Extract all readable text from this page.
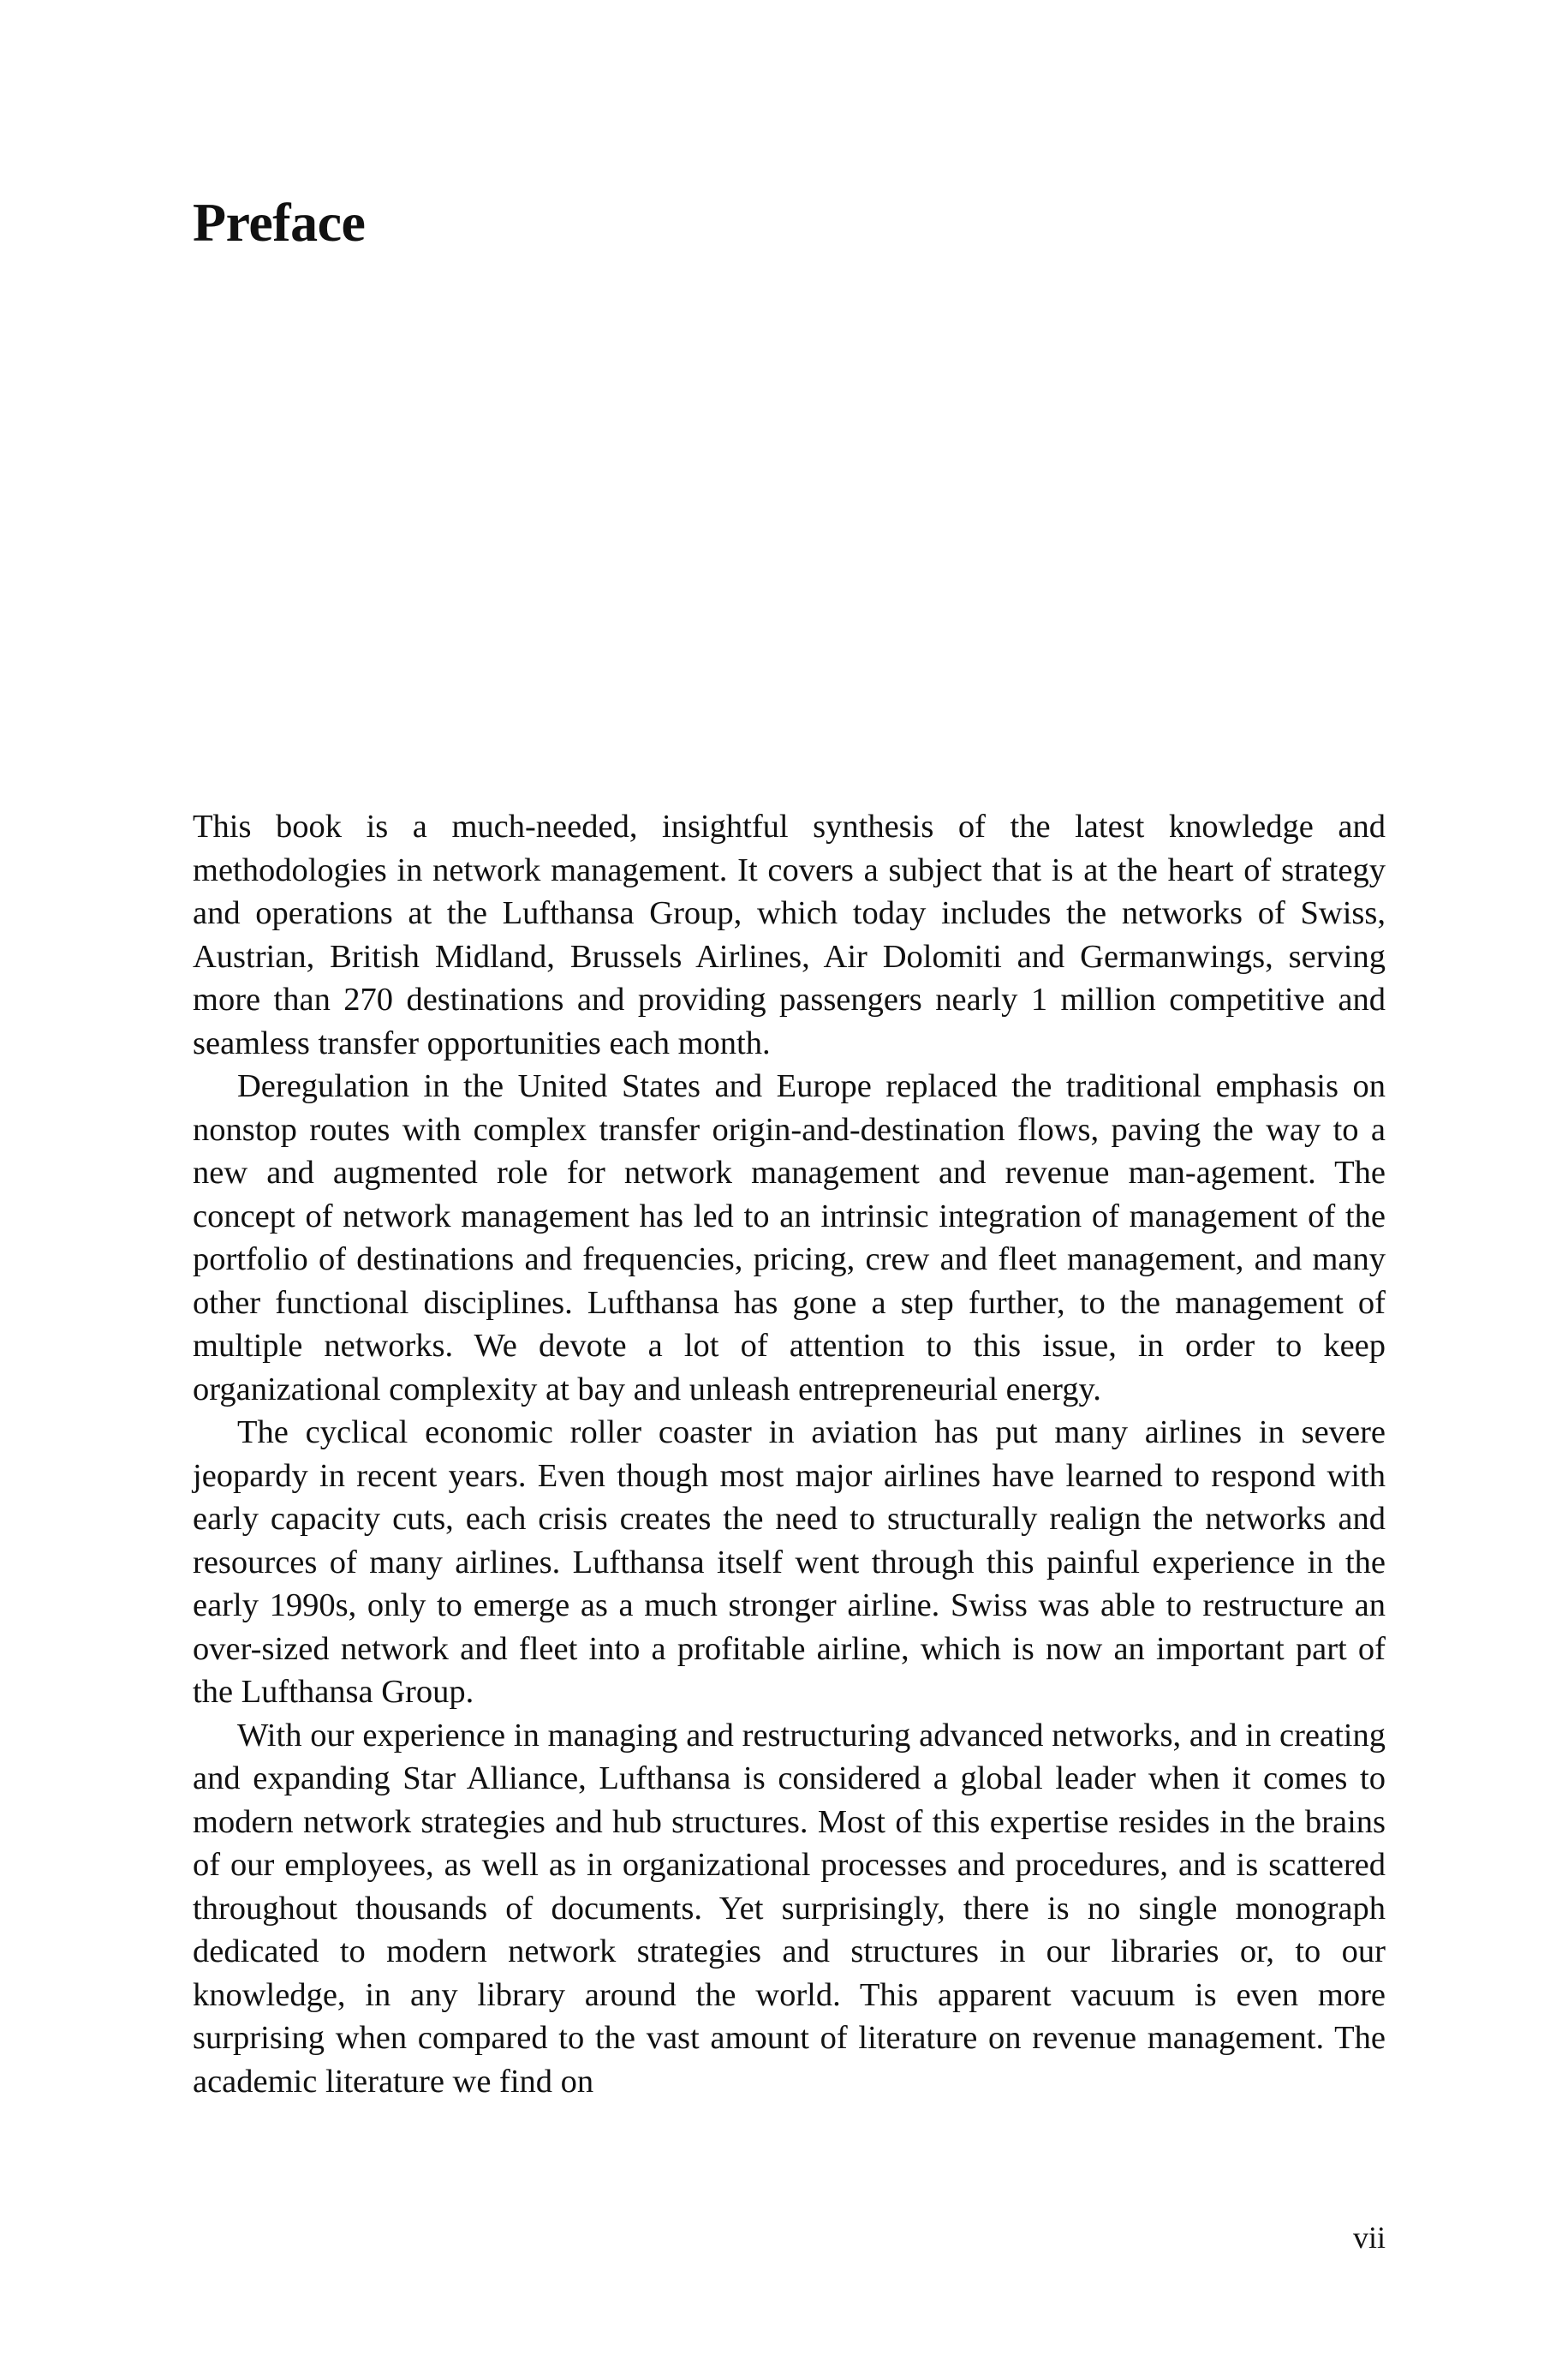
Preface

This book is a much-needed, insightful synthesis of the latest knowledge and methodologies in network management. It covers a subject that is at the heart of strategy and operations at the Lufthansa Group, which today includes the networks of Swiss, Austrian, British Midland, Brussels Airlines, Air Dolomiti and Germanwings, serving more than 270 destinations and providing passengers nearly 1 million competitive and seamless transfer opportunities each month.

Deregulation in the United States and Europe replaced the traditional emphasis on nonstop routes with complex transfer origin-and-destination flows, paving the way to a new and augmented role for network management and revenue man-agement. The concept of network management has led to an intrinsic integration of management of the portfolio of destinations and frequencies, pricing, crew and fleet management, and many other functional disciplines. Lufthansa has gone a step further, to the management of multiple networks. We devote a lot of attention to this issue, in order to keep organizational complexity at bay and unleash entrepreneurial energy.

The cyclical economic roller coaster in aviation has put many airlines in severe jeopardy in recent years. Even though most major airlines have learned to respond with early capacity cuts, each crisis creates the need to structurally realign the networks and resources of many airlines. Lufthansa itself went through this painful experience in the early 1990s, only to emerge as a much stronger airline. Swiss was able to restructure an over-sized network and fleet into a profitable airline, which is now an important part of the Lufthansa Group.

With our experience in managing and restructuring advanced networks, and in creating and expanding Star Alliance, Lufthansa is considered a global leader when it comes to modern network strategies and hub structures. Most of this expertise resides in the brains of our employees, as well as in organizational processes and procedures, and is scattered throughout thousands of documents. Yet surprisingly, there is no single monograph dedicated to modern network strategies and structures in our libraries or, to our knowledge, in any library around the world. This apparent vacuum is even more surprising when compared to the vast amount of literature on revenue management. The academic literature we find on

vii
